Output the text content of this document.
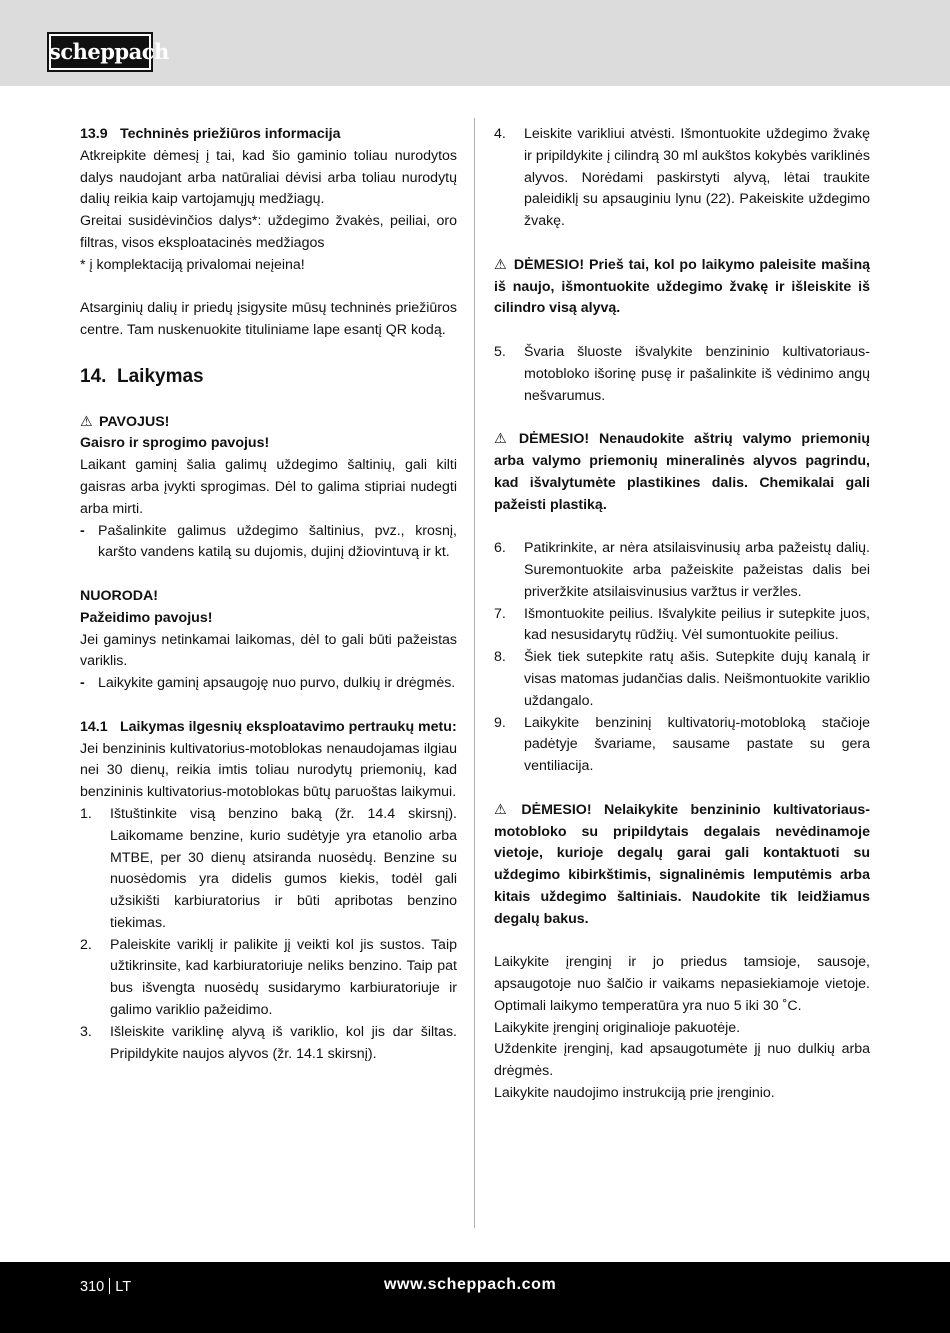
scheppach

13.9 Techninės priežiūros informacija

Atkreipkite dėmesį į tai, kad šio gaminio toliau nurodytos dalys naudojant arba natūraliai dėvisi arba toliau nurodytų dalių reikia kaip vartojamųjų medžiagų.

Greitai susidėvinčios dalys*: uždegimo žvakės, peiliai, oro filtras, visos eksploatacinės medžiagos

* į komplektaciją privalomai neįeina!

Atsarginių dalių ir priedų įsigysite mūsų techninės priežiūros centre. Tam nuskenuokite tituliniame lape esantį QR kodą.

14. Laikymas

⚠ PAVOJUS!

Gaisro ir sprogimo pavojus!

Laikant gaminį šalia galimų uždegimo šaltinių, gali kilti gaisras arba įvykti sprogimas. Dėl to galima stipriai nudegti arba mirti.

- Pašalinkite galimus uždegimo šaltinius, pvz., krosnį, karšto vandens katilą su dujomis, dujinį džiovintuvą ir kt.

NUORODA!

Pažeidimo pavojus!

Jei gaminys netinkamai laikomas, dėl to gali būti pažeistas variklis.

- Laikykite gaminį apsaugoję nuo purvo, dulkių ir drėgmės.
14.1 Laikymas ilgesnių eksploatavimo pertraukų metu:

Jei benzininis kultivatorius-motoblokas nenaudojamas ilgiau nei 30 dienų, reikia imtis toliau nurodytų priemonių, kad benzininis kultivatorius-motoblokas būtų paruoštas laikymui.

1. Ištuštinkite visą benzino baką (žr. 14.4 skirsnį). Laikomame benzine, kurio sudėtyje yra etanolio arba MTBE, per 30 dienų atsiranda nuosėdų. Benzine su nuosėdomis yra didelis gumos kiekis, todėl gali užsikišti karbiuratorius ir būti apribotas benzino tiekimas.
2. Paleiskite variklį ir palikite jį veikti kol jis sustos. Taip užtikrinsite, kad karbiuratoriuje neliks benzino. Taip pat bus išvengta nuosėdų susidarymo karbiuratoriuje ir galimo variklio pažeidimo.
3. Išleiskite variklinę alyvą iš variklio, kol jis dar šiltas. Pripildykite naujos alyvos (žr. 14.1 skirsnį).
4. Leiskite varikliui atvėsti. Išmontuokite uždegimo žvakę ir pripildykite į cilindrą 30 ml aukštos kokybės variklinės alyvos. Norėdami paskirstyti alyvą, lėtai traukite paleidiklį su apsauginiu lynu (22). Pakeiskite uždegimo žvakę.

⚠ DĖMESIO! Prieš tai, kol po laikymo paleisite mašiną iš naujo, išmontuokite uždegimo žvakę ir išleiskite iš cilindro visą alyvą.

5. Švaria šluoste išvalykite benzininio kultivatoriaus-motobloko išorinę pusę ir pašalinkite iš vėdinimo angų nešvarumus.

⚠ DĖMESIO! Nenaudokite aštrių valymo priemonių arba valymo priemonių mineralinės alyvos pagrindu, kad išvalytumėte plastikines dalis. Chemikalai gali pažeisti plastiką.

6. Patikrinkite, ar nėra atsilaisvinusių arba pažeistų dalių. Suremontuokite arba pažeiskite pažeistas dalis bei priveržkite atsilaisvinusius varžtus ir veržles.
7. Išmontuokite peilius. Išvalykite peilius ir sutepkite juos, kad nesusidarytų rūdžių. Vėl sumontuokite peilius.
8. Šiek tiek sutepkite ratų ašis. Sutepkite dujų kanalą ir visas matomas judančias dalis. Neišmontuokite variklio uždangalo.
9. Laikykite benzininį kultivatorių-motobloką stačioje padėtyje švariame, sausame pastate su gera ventiliacija.

⚠ DĖMESIO! Nelaikykite benzininio kultivatoriaus-motobloko su pripildytais degalais nevėdinamoje vietoje, kurioje degalų garai gali kontaktuoti su uždegimo kibirkštimis, signalinėmis lemputėmis arba kitais uždegimo šaltiniais. Naudokite tik leidžiamus degalų bakus.

Laikykite įrenginį ir jo priedus tamsioje, sausoje, apsaugotoje nuo šalčio ir vaikams nepasiekiamoje vietoje. Optimali laikymo temperatūra yra nuo 5 iki 30 ˚C.

Laikykite įrenginį originalioje pakuotėje.

Uždenkite įrenginį, kad apsaugotumėte jį nuo dulkių arba drėgmės.

Laikykite naudojimo instrukciją prie įrenginio.

310 LT	www.scheppach.com
